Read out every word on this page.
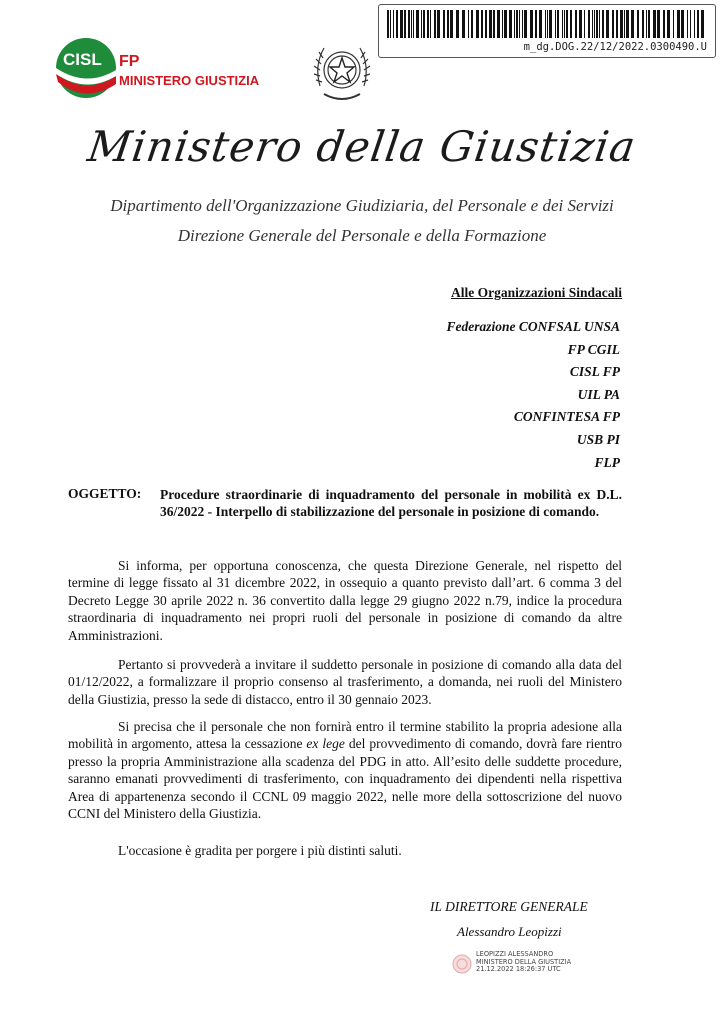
m_dg.DOG.22/12/2022.0300490.U
CISL FP
MINISTERO GIUSTIZIA
Ministero della Giustizia
Dipartimento dell'Organizzazione Giudiziaria, del Personale e dei Servizi
Direzione Generale del Personale e della Formazione
Alle Organizzazioni Sindacali
Federazione CONFSAL UNSA
FP CGIL
CISL FP
UIL PA
CONFINTESA FP
USB PI
FLP
OGGETTO: Procedure straordinarie di inquadramento del personale in mobilità ex D.L. 36/2022 - Interpello di stabilizzazione del personale in posizione di comando.

Si informa, per opportuna conoscenza, che questa Direzione Generale, nel rispetto del termine di legge fissato al 31 dicembre 2022, in ossequio a quanto previsto dall’art. 6 comma 3 del Decreto Legge 30 aprile 2022 n. 36 convertito dalla legge 29 giugno 2022 n.79, indice la procedura straordinaria di inquadramento nei propri ruoli del personale in posizione di comando da altre Amministrazioni.

Pertanto si provvederà a invitare il suddetto personale in posizione di comando alla data del 01/12/2022, a formalizzare il proprio consenso al trasferimento, a domanda, nei ruoli del Ministero della Giustizia, presso la sede di distacco, entro il 30 gennaio 2023.

Si precisa che il personale che non fornirà entro il termine stabilito la propria adesione alla mobilità in argomento, attesa la cessazione ex lege del provvedimento di comando, dovrà fare rientro presso la propria Amministrazione alla scadenza del PDG in atto. All’esito delle suddette procedure, saranno emanati provvedimenti di trasferimento, con inquadramento dei dipendenti nella rispettiva Area di appartenenza secondo il CCNL 09 maggio 2022, nelle more della sottoscrizione del nuovo CCNI del Ministero della Giustizia.

L'occasione è gradita per porgere i più distinti saluti.

IL DIRETTORE GENERALE
Alessandro Leopizzi
LEOPIZZI ALESSANDRO
MINISTERO DELLA GIUSTIZIA
21.12.2022 18:26:37 UTC
